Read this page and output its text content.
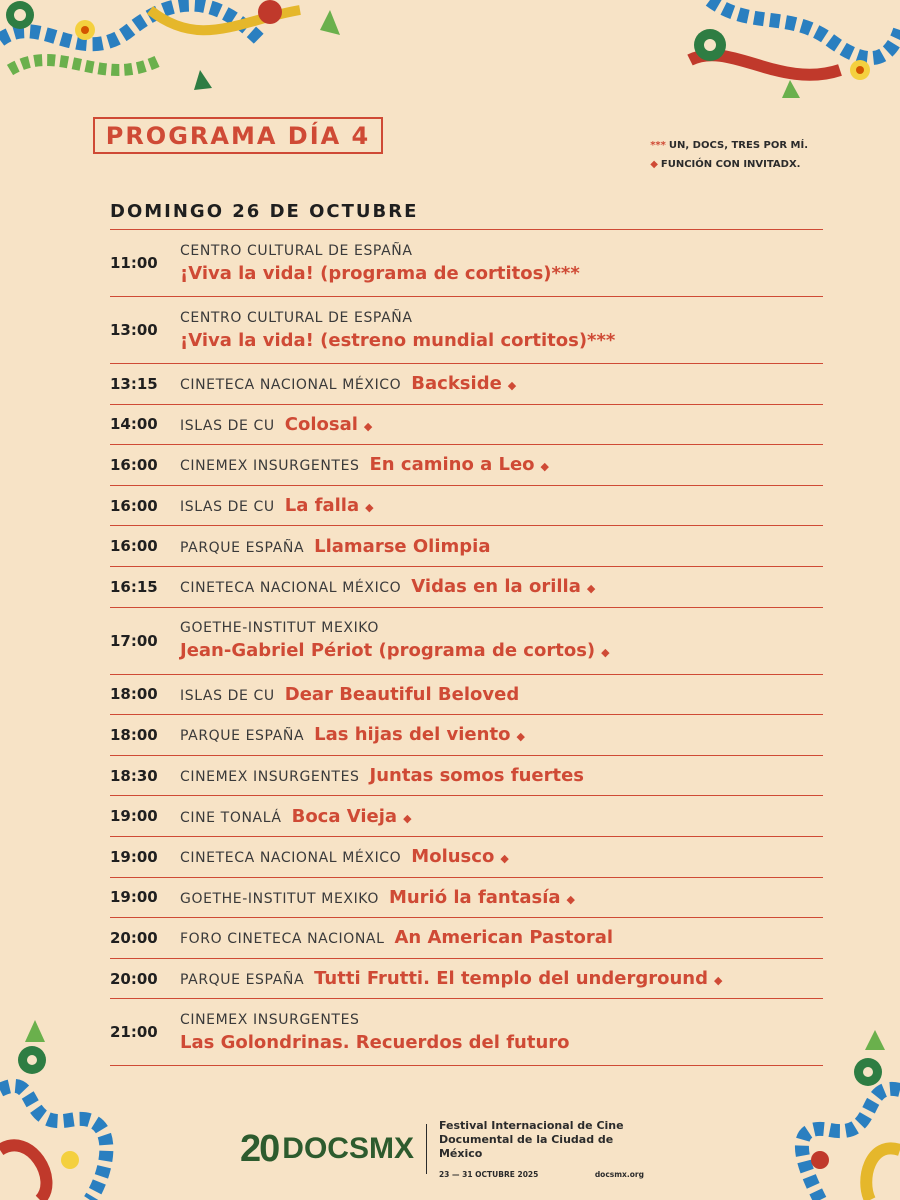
PROGRAMA DÍA 4	*** UN, DOCS, TRES POR MÍ.
◆ FUNCIÓN CON INVITADX.
DOMINGO 26 DE OCTUBRE
11:00
CENTRO CULTURAL DE ESPAÑA
¡Viva la vida! (programa de cortitos)***
13:00
CENTRO CULTURAL DE ESPAÑA
¡Viva la vida! (estreno mundial cortitos)***
13:15	CINETECA NACIONAL MÉXICO Backside ◆
14:00	ISLAS DE CU Colosal ◆
16:00	CINEMEX INSURGENTES En camino a Leo ◆
16:00	ISLAS DE CU La falla ◆
16:00	PARQUE ESPAÑA Llamarse Olimpia
16:15	CINETECA NACIONAL MÉXICO Vidas en la orilla ◆
17:00
GOETHE-INSTITUT MEXIKO
Jean-Gabriel Périot (programa de cortos) ◆
18:00	ISLAS DE CU Dear Beautiful Beloved
18:00	PARQUE ESPAÑA Las hijas del viento ◆
18:30	CINEMEX INSURGENTES Juntas somos fuertes
19:00	CINE TONALÁ Boca Vieja ◆
19:00	CINETECA NACIONAL MÉXICO Molusco ◆
19:00	GOETHE-INSTITUT MEXIKO Murió la fantasía ◆
20:00	FORO CINETECA NACIONAL An American Pastoral
20:00	PARQUE ESPAÑA Tutti Frutti. El templo del underground ◆
21:00
CINEMEX INSURGENTES
Las Golondrinas. Recuerdos del futuro
20 DOCSMX
Festival Internacional de Cine
Documental de la Ciudad de México
23 — 31 OCTUBRE 2025	docsmx.org
